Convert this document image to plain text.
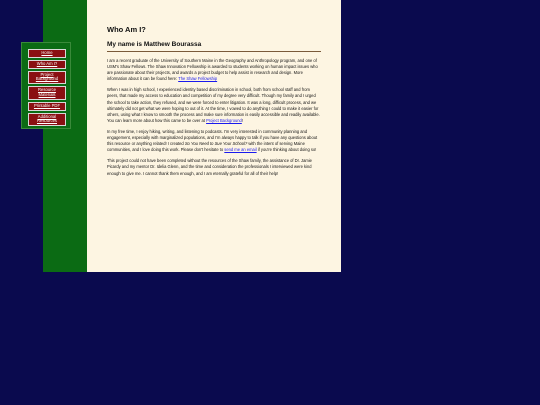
Who Am I?
My name is Matthew Bourassa

I am a recent graduate of the University of Southern Maine in the Geography and Anthropology program, and one of USM's Shaw Fellows. The Shaw Innovation Fellowship is awarded to students working on human impact issues who are passionate about their projects, and awards a project budget to help assist in research and design. More information about it can be found here: The Shaw Fellowship

When I was in high school, I experienced identity based discrimination in school, both from school staff and from peers, that made my access to education and competition of my degree very difficult. Though my family and I urged the school to take action, they refused, and we were forced to enter litigation. It was a long, difficult process, and we ultimately did not get what we were hoping to out of it. At the time, I vowed to do anything I could to make it easier for others, using what I know to smooth the process and make sure information is easily accessible and readily available. You can learn more about how this came to be over at Project Background!

In my free time, I enjoy hiking, writing, and listening to podcasts. I'm very interested in community planning and engagement, especially with marginalized populations, and I'm always happy to talk if you have any questions about this resource or anything related! I created So You Need to Sue Your School? with the intent of serving Maine communities, and I love doing this work. Please don't hesitate to send me an email if you're thinking about doing so!

This project could not have been completed without the resources of the Shaw family, the assistance of Dr. Jamie Picardy and my mentor Dr. Idelia Glenn, and the time and consideration the professionals I interviewed were kind enough to give me. I cannot thank them enough, and I am eternally grateful for all of their help!

Home
Who Am I?
Project Background
Resource Materials
Printable PDF
Additional Resources
